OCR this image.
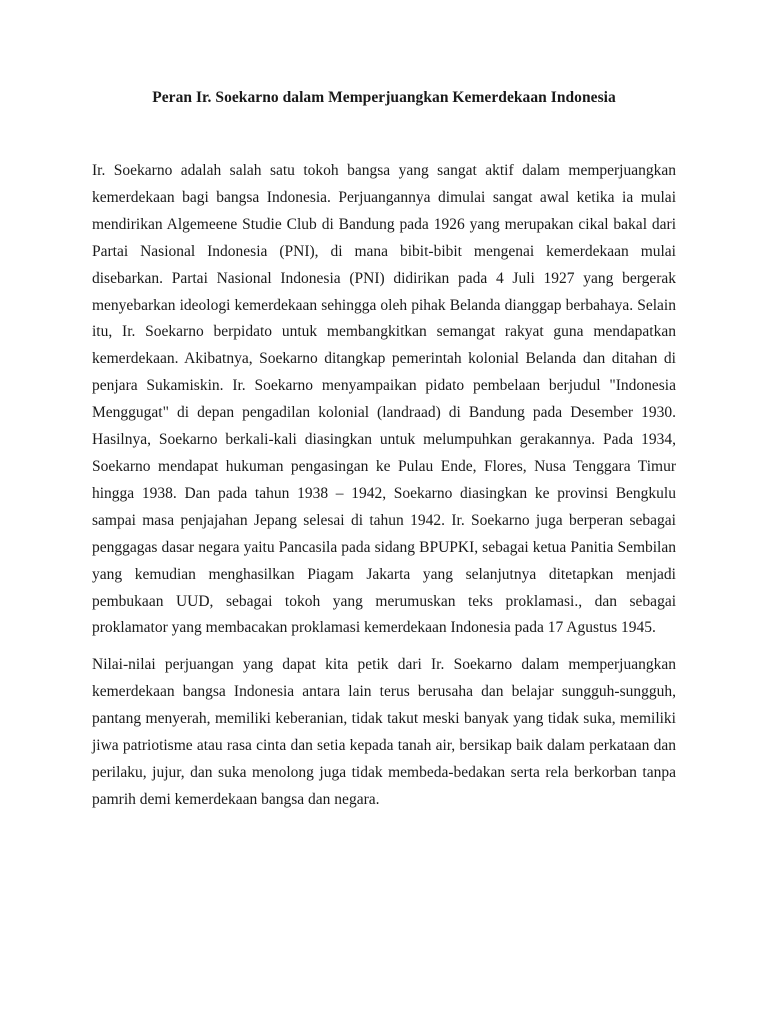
Peran Ir. Soekarno dalam Memperjuangkan Kemerdekaan Indonesia

Ir. Soekarno adalah salah satu tokoh bangsa yang sangat aktif dalam memperjuangkan kemerdekaan bagi bangsa Indonesia. Perjuangannya dimulai sangat awal ketika ia mulai mendirikan Algemeene Studie Club di Bandung pada 1926 yang merupakan cikal bakal dari Partai Nasional Indonesia (PNI), di mana bibit-bibit mengenai kemerdekaan mulai disebarkan. Partai Nasional Indonesia (PNI) didirikan pada 4 Juli 1927 yang bergerak menyebarkan ideologi kemerdekaan sehingga oleh pihak Belanda dianggap berbahaya. Selain itu, Ir. Soekarno berpidato untuk membangkitkan semangat rakyat guna mendapatkan kemerdekaan. Akibatnya, Soekarno ditangkap pemerintah kolonial Belanda dan ditahan di penjara Sukamiskin. Ir. Soekarno menyampaikan pidato pembelaan berjudul "Indonesia Menggugat" di depan pengadilan kolonial (landraad) di Bandung pada Desember 1930. Hasilnya, Soekarno berkali-kali diasingkan untuk melumpuhkan gerakannya. Pada 1934, Soekarno mendapat hukuman pengasingan ke Pulau Ende, Flores, Nusa Tenggara Timur hingga 1938. Dan pada tahun 1938 – 1942, Soekarno diasingkan ke provinsi Bengkulu sampai masa penjajahan Jepang selesai di tahun 1942. Ir. Soekarno juga berperan sebagai penggagas dasar negara yaitu Pancasila pada sidang BPUPKI, sebagai ketua Panitia Sembilan yang kemudian menghasilkan Piagam Jakarta yang selanjutnya ditetapkan menjadi pembukaan UUD, sebagai tokoh yang merumuskan teks proklamasi., dan sebagai proklamator yang membacakan proklamasi kemerdekaan Indonesia pada 17 Agustus 1945.

Nilai-nilai perjuangan yang dapat kita petik dari Ir. Soekarno dalam memperjuangkan kemerdekaan bangsa Indonesia antara lain terus berusaha dan belajar sungguh-sungguh, pantang menyerah, memiliki keberanian, tidak takut meski banyak yang tidak suka, memiliki jiwa patriotisme atau rasa cinta dan setia kepada tanah air, bersikap baik dalam perkataan dan perilaku, jujur, dan suka menolong juga tidak membeda-bedakan serta rela berkorban tanpa pamrih demi kemerdekaan bangsa dan negara.
